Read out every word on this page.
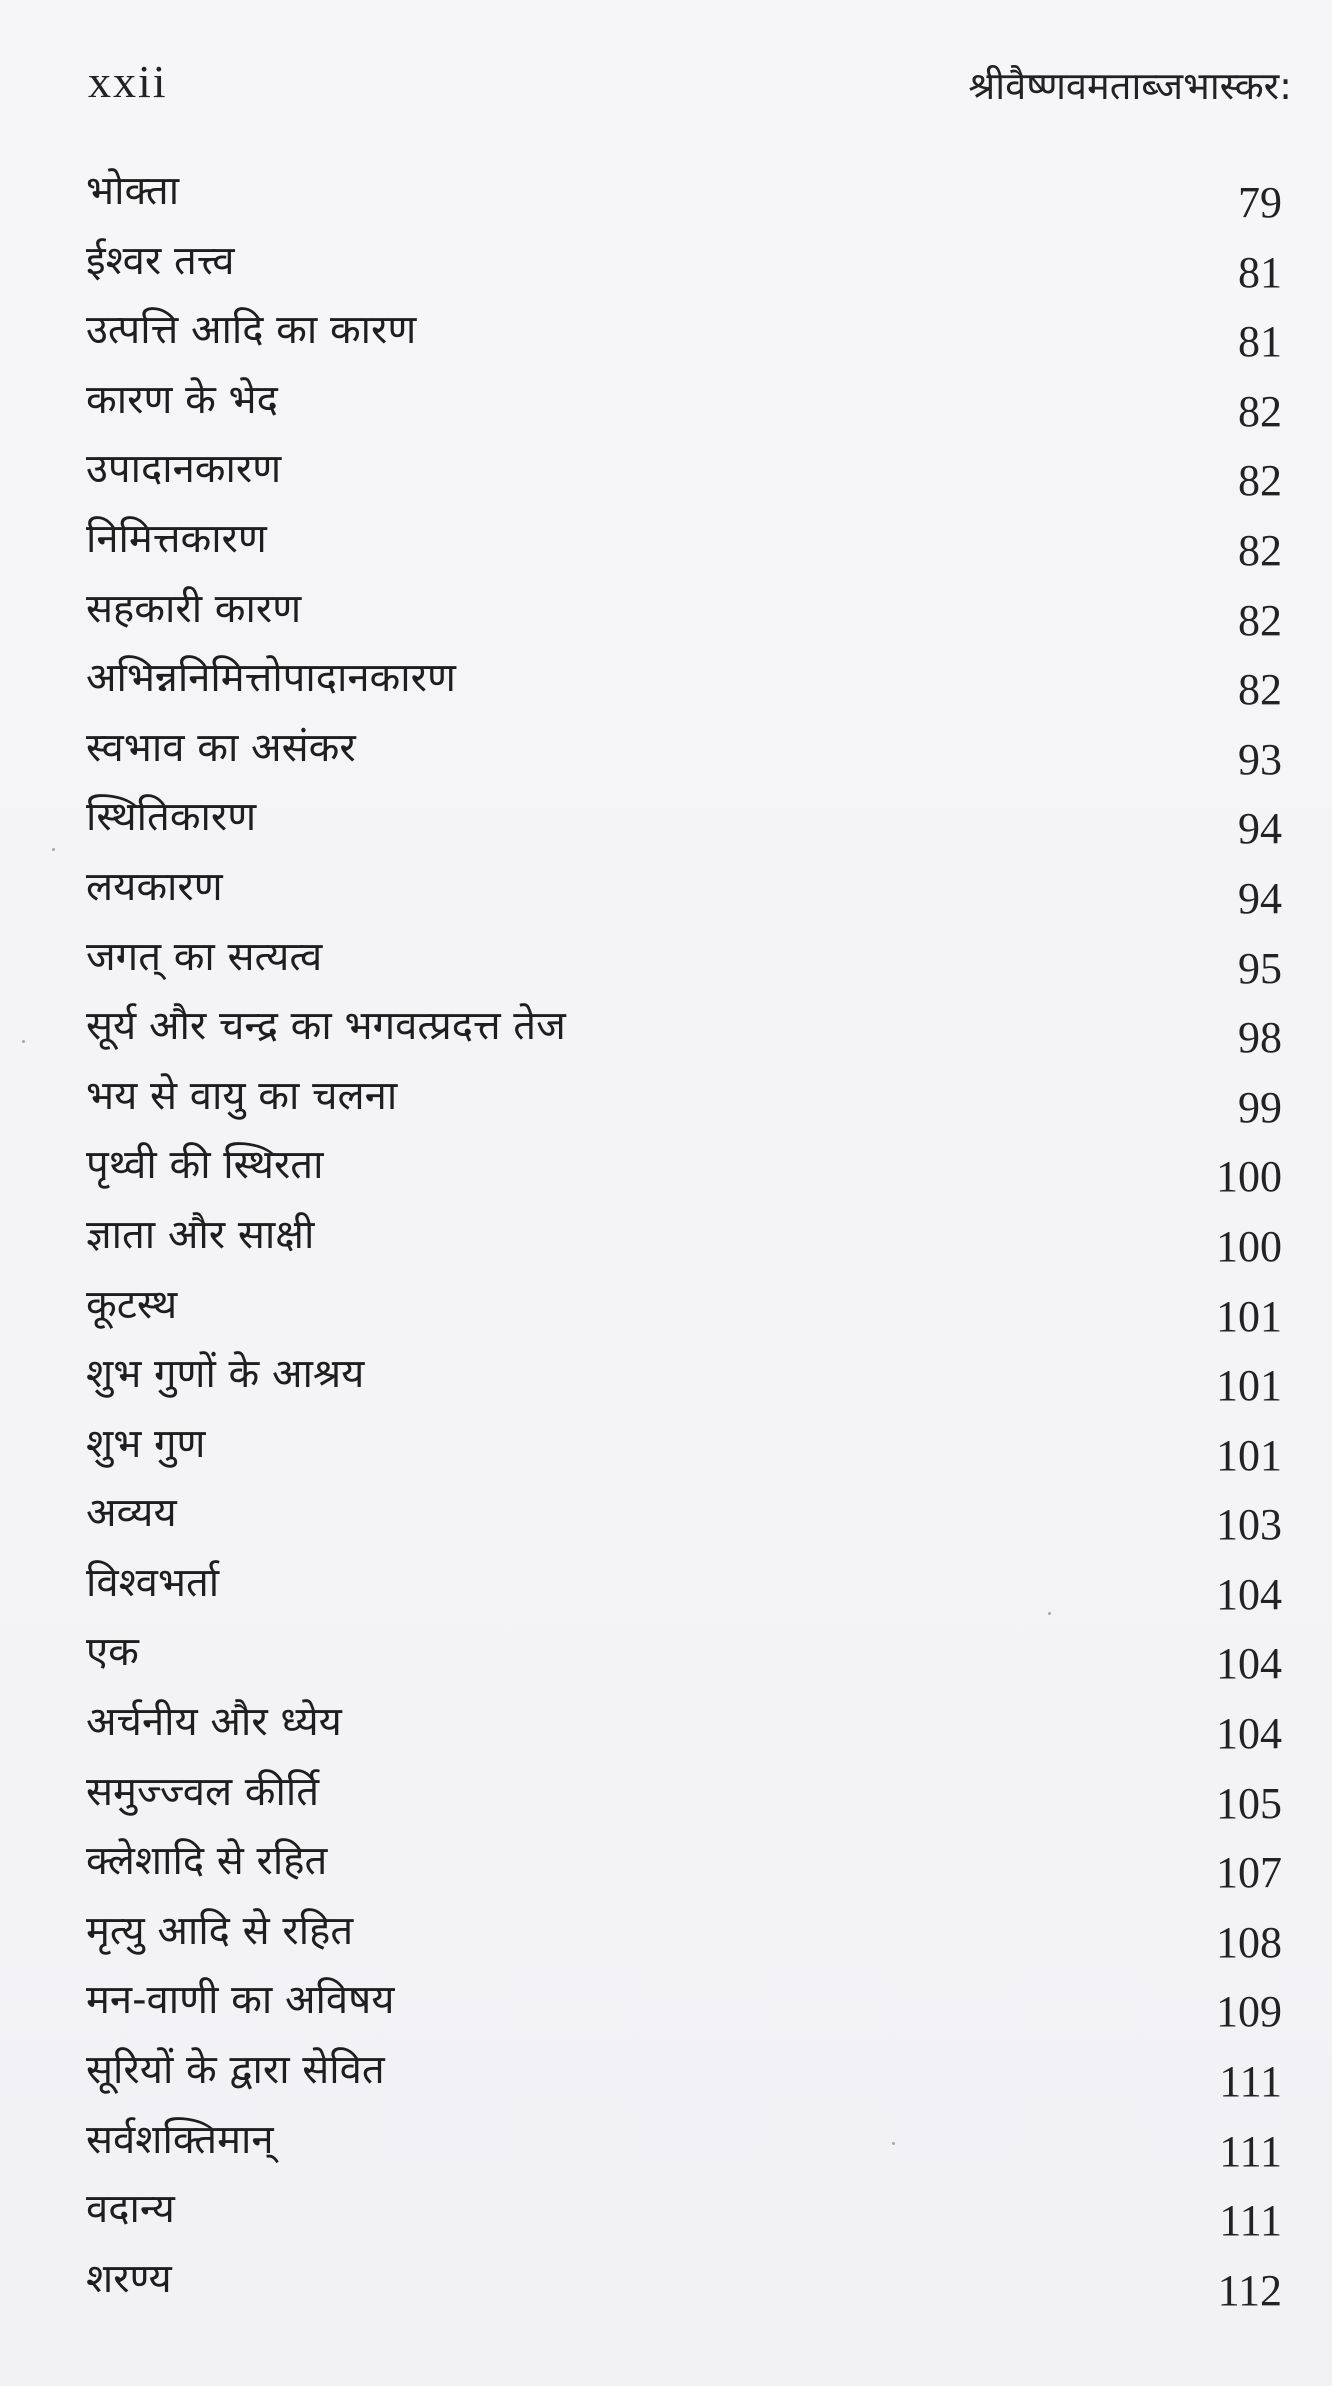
xxii	श्रीवैष्णवमताब्जभास्कर:
भोक्ता	79
ईश्वर तत्त्व	81
उत्पत्ति आदि का कारण	81
कारण के भेद	82
उपादानकारण	82
निमित्तकारण	82
सहकारी कारण	82
अभिन्ननिमित्तोपादानकारण	82
स्वभाव का असंकर	93
स्थितिकारण	94
लयकारण	94
जगत् का सत्यत्व	95
सूर्य और चन्द्र का भगवत्प्रदत्त तेज	98
भय से वायु का चलना	99
पृथ्वी की स्थिरता	100
ज्ञाता और साक्षी	100
कूटस्थ	101
शुभ गुणों के आश्रय	101
शुभ गुण	101
अव्यय	103
विश्वभर्ता	104
एक	104
अर्चनीय और ध्येय	104
समुज्ज्वल कीर्ति	105
क्लेशादि से रहित	107
मृत्यु आदि से रहित	108
मन-वाणी का अविषय	109
सूरियों के द्वारा सेवित	111
सर्वशक्तिमान्	111
वदान्य	111
शरण्य	112
